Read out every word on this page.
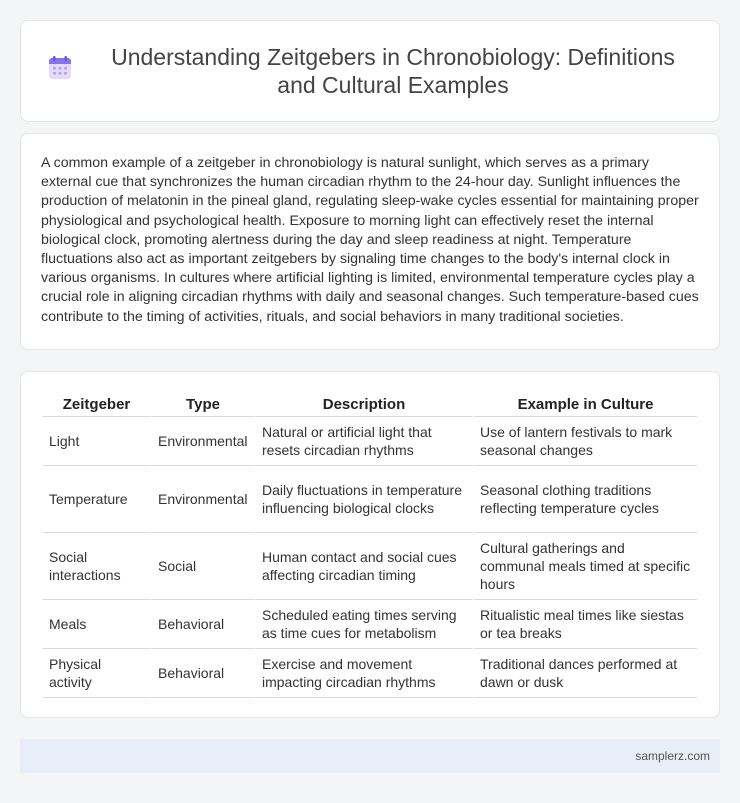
Understanding Zeitgebers in Chronobiology: Definitions and Cultural Examples

A common example of a zeitgeber in chronobiology is natural sunlight, which serves as a primary external cue that synchronizes the human circadian rhythm to the 24-hour day. Sunlight influences the production of melatonin in the pineal gland, regulating sleep-wake cycles essential for maintaining proper physiological and psychological health. Exposure to morning light can effectively reset the internal biological clock, promoting alertness during the day and sleep readiness at night. Temperature fluctuations also act as important zeitgebers by signaling time changes to the body's internal clock in various organisms. In cultures where artificial lighting is limited, environmental temperature cycles play a crucial role in aligning circadian rhythms with daily and seasonal changes. Such temperature-based cues contribute to the timing of activities, rituals, and social behaviors in many traditional societies.

Zeitgeber	Type	Description	Example in Culture
Light	Environmental	Natural or artificial light that resets circadian rhythms	Use of lantern festivals to mark seasonal changes
Temperature	Environmental	Daily fluctuations in temperature influencing biological clocks	Seasonal clothing traditions reflecting temperature cycles
Social interactions	Social	Human contact and social cues affecting circadian timing	Cultural gatherings and communal meals timed at specific hours
Meals	Behavioral	Scheduled eating times serving as time cues for metabolism	Ritualistic meal times like siestas or tea breaks
Physical activity	Behavioral	Exercise and movement impacting circadian rhythms	Traditional dances performed at dawn or dusk
samplerz.com
